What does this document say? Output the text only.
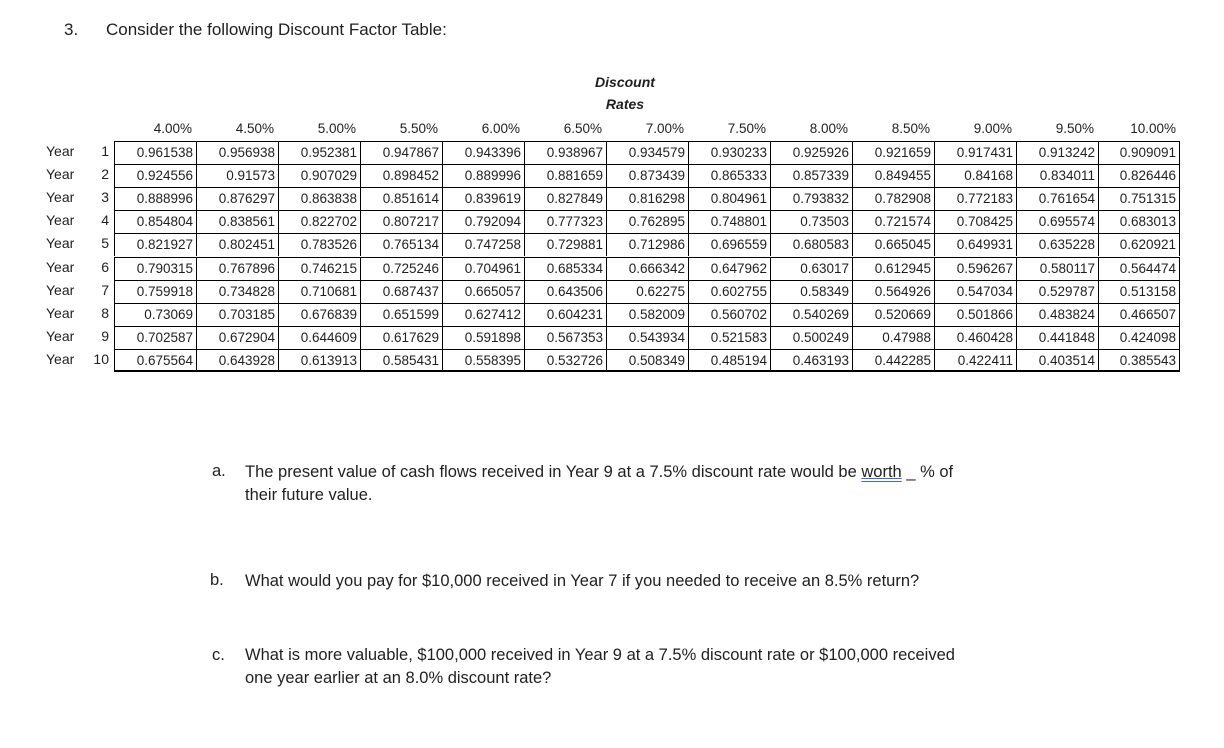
3. Consider the following Discount Factor Table:
Discount
Rates
4.00%	4.50%	5.00%	5.50%	6.00%	6.50%	7.00%	7.50%	8.00%	8.50%	9.00%	9.50%	10.00%
Year	1	0.961538	0.956938	0.952381	0.947867	0.943396	0.938967	0.934579	0.930233	0.925926	0.921659	0.917431	0.913242	0.909091
Year	2	0.924556	0.91573	0.907029	0.898452	0.889996	0.881659	0.873439	0.865333	0.857339	0.849455	0.84168	0.834011	0.826446
Year	3	0.888996	0.876297	0.863838	0.851614	0.839619	0.827849	0.816298	0.804961	0.793832	0.782908	0.772183	0.761654	0.751315
Year	4	0.854804	0.838561	0.822702	0.807217	0.792094	0.777323	0.762895	0.748801	0.73503	0.721574	0.708425	0.695574	0.683013
Year	5	0.821927	0.802451	0.783526	0.765134	0.747258	0.729881	0.712986	0.696559	0.680583	0.665045	0.649931	0.635228	0.620921
Year	6	0.790315	0.767896	0.746215	0.725246	0.704961	0.685334	0.666342	0.647962	0.63017	0.612945	0.596267	0.580117	0.564474
Year	7	0.759918	0.734828	0.710681	0.687437	0.665057	0.643506	0.62275	0.602755	0.58349	0.564926	0.547034	0.529787	0.513158
Year	8	0.73069	0.703185	0.676839	0.651599	0.627412	0.604231	0.582009	0.560702	0.540269	0.520669	0.501866	0.483824	0.466507
Year	9	0.702587	0.672904	0.644609	0.617629	0.591898	0.567353	0.543934	0.521583	0.500249	0.47988	0.460428	0.441848	0.424098
Year 10	0.675564	0.643928	0.613913	0.585431	0.558395	0.532726	0.508349	0.485194	0.463193	0.442285	0.422411	0.403514	0.385543
a. The present value of cash flows received in Year 9 at a 7.5% discount rate would be worth _ % of
their future value.
b. What would you pay for $10,000 received in Year 7 if you needed to receive an 8.5% return?
c. What is more valuable, $100,000 received in Year 9 at a 7.5% discount rate or $100,000 received
one year earlier at an 8.0% discount rate?
